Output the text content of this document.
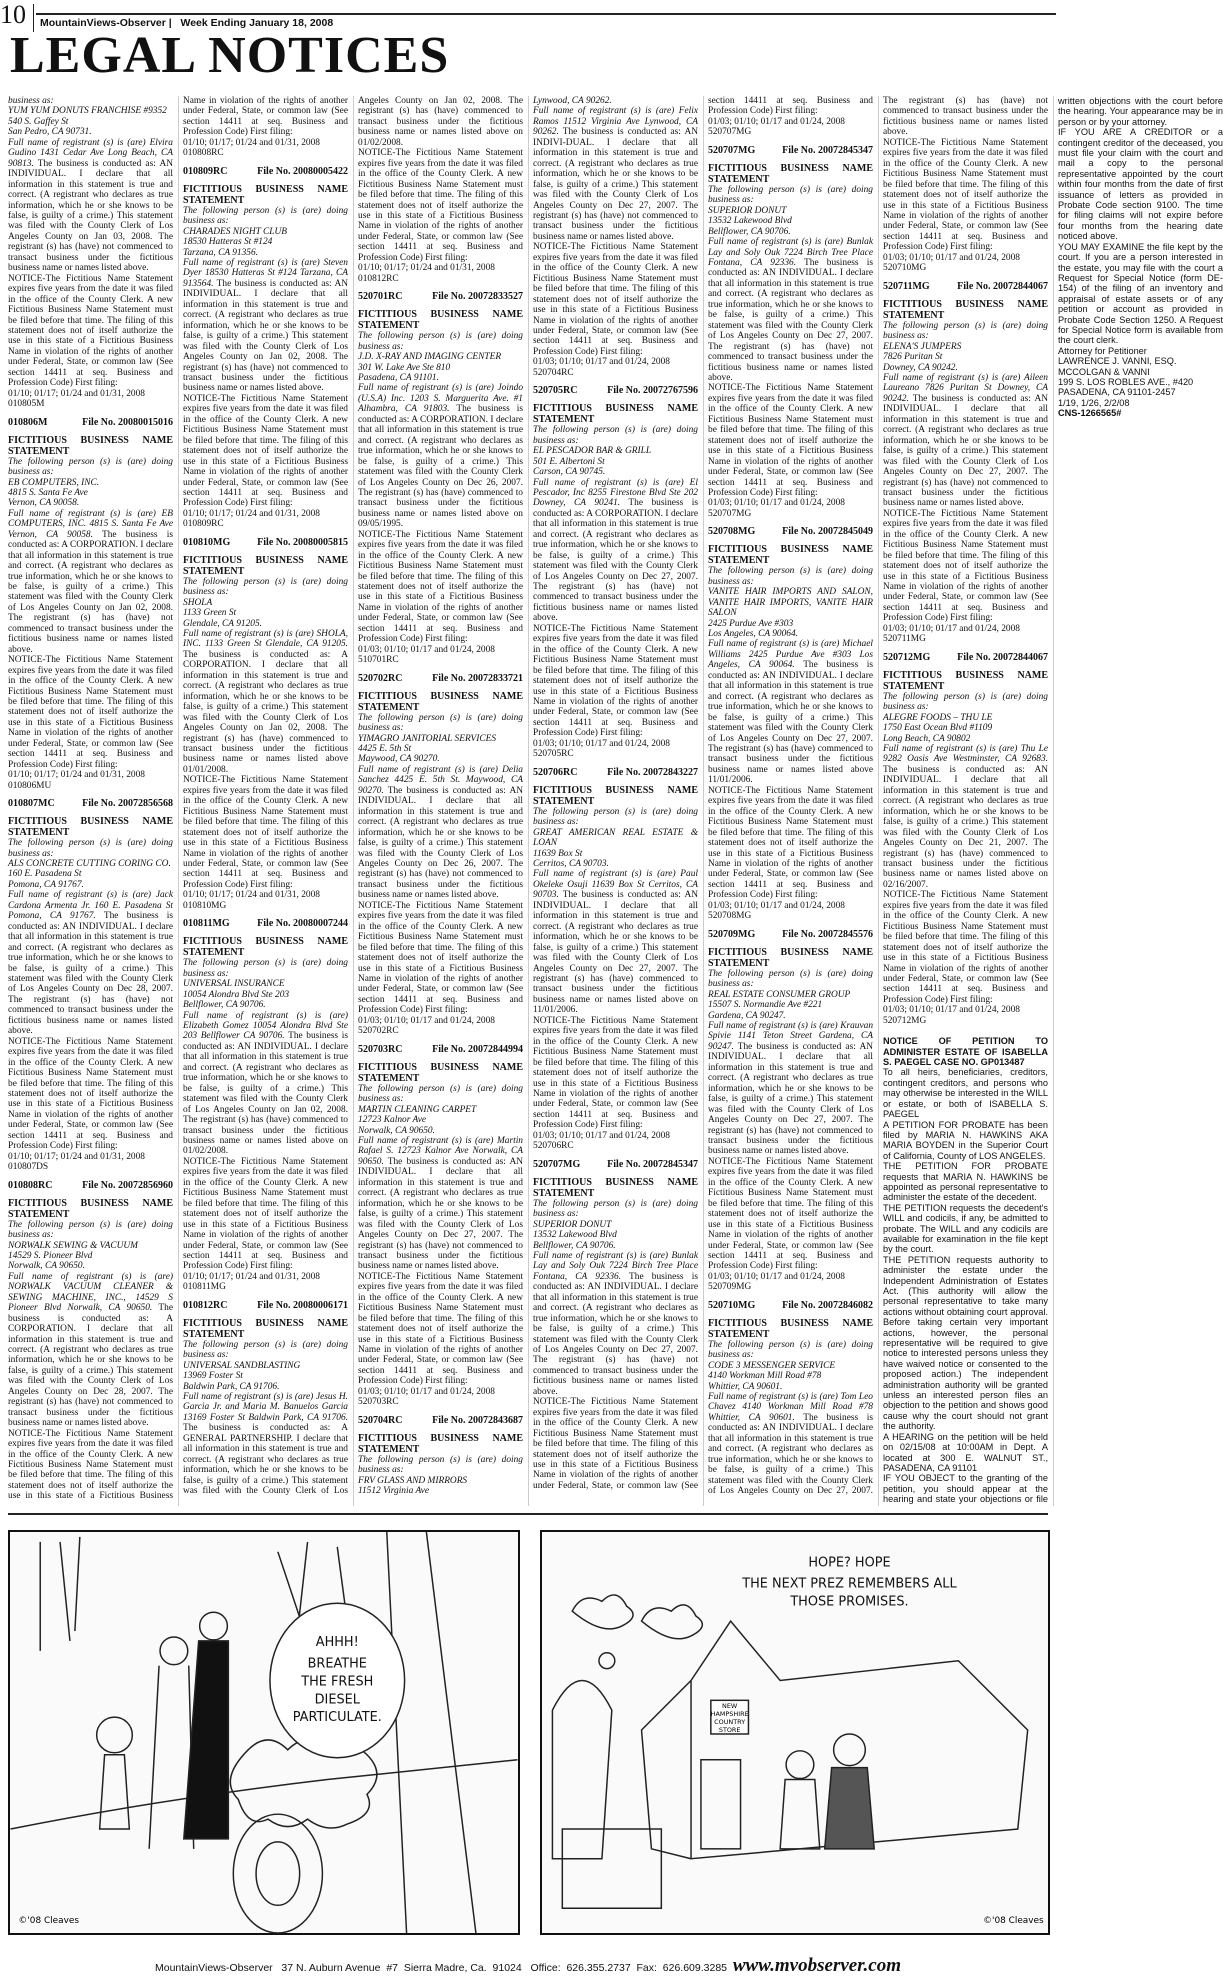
10 MountainViews-Observer | Week Ending January 18, 2008
LEGAL NOTICES

business as:

YUM YUM DONUTS FRANCHISE #9352

540 S. Gaffey St

San Pedro, CA 90731.

Full name of registrant (s) is (are) Elvira Gudino 1431 Cedar Ave Long Beach, CA 90813. The business is conducted as: AN INDIVIDUAL. I declare that all information in this statement is true and correct. (A registrant who declares as true information, which he or she knows to be false, is guilty of a crime.) This statement was filed with the County Clerk of Los Angeles County on Jan 03, 2008. The registrant (s) has (have) not commenced to transact business under the fictitious business name or names listed above.

NOTICE-The Fictitious Name Statement expires five years from the date it was filed in the office of the County Clerk. A new Fictitious Business Name Statement must be filed before that time. The filing of this statement does not of itself authorize the use in this state of a Fictitious Business Name in violation of the rights of another under Federal, State, or common law (See section 14411 at seq. Business and Profession Code) First filing:

01/10; 01/17; 01/24 and 01/31, 2008

010805M

010806M	File No. 20080015016

FICTITIOUS BUSINESS NAME STATEMENT

The following person (s) is (are) doing business as:

EB COMPUTERS, INC.

4815 S. Santa Fe Ave

Vernon, CA 90058.

Full name of registrant (s) is (are) EB COMPUTERS, INC. 4815 S. Santa Fe Ave Vernon, CA 90058. The business is conducted as: A CORPORATION. I declare that all information in this statement is true and correct. (A registrant who declares as true information, which he or she knows to be false, is guilty of a crime.) This statement was filed with the County Clerk of Los Angeles County on Jan 02, 2008. The registrant (s) has (have) not commenced to transact business under the fictitious business name or names listed above.

NOTICE-The Fictitious Name Statement expires five years from the date it was filed in the office of the County Clerk. A new Fictitious Business Name Statement must be filed before that time. The filing of this statement does not of itself authorize the use in this state of a Fictitious Business Name in violation of the rights of another under Federal, State, or common law (See section 14411 at seq. Business and Profession Code) First filing:

01/10; 01/17; 01/24 and 01/31, 2008

010806MU

010807MC	File No. 20072856568

FICTITIOUS BUSINESS NAME STATEMENT

The following person (s) is (are) doing business as:

ALS CONCRETE CUTTING CORING CO.

160 E. Pasadena St

Pomona, CA 91767.

Full name of registrant (s) is (are) Jack Cardona Armenta Jr. 160 E. Pasadena St Pomona, CA 91767. The business is conducted as: AN INDIVIDUAL. I declare that all information in this statement is true and correct. (A registrant who declares as true information, which he or she knows to be false, is guilty of a crime.) This statement was filed with the County Clerk of Los Angeles County on Dec 28, 2007. The registrant (s) has (have) not commenced to transact business under the fictitious business name or names listed above.

NOTICE-The Fictitious Name Statement expires five years from the date it was filed in the office of the County Clerk. A new Fictitious Business Name Statement must be filed before that time. The filing of this statement does not of itself authorize the use in this state of a Fictitious Business Name in violation of the rights of another under Federal, State, or common law (See section 14411 at seq. Business and Profession Code) First filing:

01/10; 01/17; 01/24 and 01/31, 2008

010807DS

010808RC	File No. 20072856960

FICTITIOUS BUSINESS NAME STATEMENT

The following person (s) is (are) doing business as:

NORWALK SEWING & VACUUM

14529 S. Pioneer Blvd

Norwalk, CA 90650.

Full name of registrant (s) is (are) NORWALK VACUUM CLEANER & SEWING MACHINE, INC., 14529 S Pioneer Blvd Norwalk, CA 90650. The business is conducted as: A CORPORATION. I declare that all information in this statement is true and correct. (A registrant who declares as true information, which he or she knows to be false, is guilty of a crime.) This statement was filed with the County Clerk of Los Angeles County on Dec 28, 2007. The registrant (s) has (have) not commenced to transact business under the fictitious business name or names listed above.

NOTICE-The Fictitious Name Statement expires five years from the date it was filed in the office of the County Clerk. A new Fictitious Business Name Statement must be filed before that time. The filing of this statement does not of itself authorize the use in this state of a Fictitious Business Name in violation of the rights of another under Federal, State, or common law (See section 14411 at seq. Business and Profession Code) First filing:

01/10; 01/17; 01/24 and 01/31, 2008

010808RC

010809RC	File No. 20080005422

FICTITIOUS BUSINESS NAME STATEMENT

The following person (s) is (are) doing business as:

CHARADES NIGHT CLUB

18530 Hatteras St #124

Tarzana, CA 91356.

Full name of registrant (s) is (are) Steven Dyer 18530 Hatteras St #124 Tarzana, CA 913564. The business is conducted as: AN INDIVIDUAL. I declare that all information in this statement is true and correct. (A registrant who declares as true information, which he or she knows to be false, is guilty of a crime.) This statement was filed with the County Clerk of Los Angeles County on Jan 02, 2008. The registrant (s) has (have) not commenced to transact business under the fictitious business name or names listed above.

NOTICE-The Fictitious Name Statement expires five years from the date it was filed in the office of the County Clerk. A new Fictitious Business Name Statement must be filed before that time. The filing of this statement does not of itself authorize the use in this state of a Fictitious Business Name in violation of the rights of another under Federal, State, or common law (See section 14411 at seq. Business and Profession Code) First filing:

01/10; 01/17; 01/24 and 01/31, 2008

010809RC

010810MG	File No. 20080005815

FICTITIOUS BUSINESS NAME STATEMENT

The following person (s) is (are) doing business as:

SHOLA

1133 Green St

Glendale, CA 91205.

Full name of registrant (s) is (are) SHOLA, INC. 1133 Green St Glendale, CA 91205. The business is conducted as: A CORPORATION. I declare that all information in this statement is true and correct. (A registrant who declares as true information, which he or she knows to be false, is guilty of a crime.) This statement was filed with the County Clerk of Los Angeles County on Jan 02, 2008. The registrant (s) has (have) commenced to transact business under the fictitious business name or names listed above 01/01/2008.

NOTICE-The Fictitious Name Statement expires five years from the date it was filed in the office of the County Clerk. A new Fictitious Business Name Statement must be filed before that time. The filing of this statement does not of itself authorize the use in this state of a Fictitious Business Name in violation of the rights of another under Federal, State, or common law (See section 14411 at seq. Business and Profession Code) First filing:

01/10; 01/17; 01/24 and 01/31, 2008

010810MG

010811MG	File No. 20080007244

FICTITIOUS BUSINESS NAME STATEMENT

The following person (s) is (are) doing business as:

UNIVERSAL INSURANCE

10054 Alondra Blvd Ste 203

Bellflower, CA 90706.

Full name of registrant (s) is (are) Elizabeth Gomez 10054 Alondra Blvd Ste 203 Bellflower CA 90706. The business is conducted as: AN INDIVIDUAL. I declare that all information in this statement is true and correct. (A registrant who declares as true information, which he or she knows to be false, is guilty of a crime.) This statement was filed with the County Clerk of Los Angeles County on Jan 02, 2008. The registrant (s) has (have) commenced to transact business under the fictitious business name or names listed above on 01/02/2008.

NOTICE-The Fictitious Name Statement expires five years from the date it was filed in the office of the County Clerk. A new Fictitious Business Name Statement must be filed before that time. The filing of this statement does not of itself authorize the use in this state of a Fictitious Business Name in violation of the rights of another under Federal, State, or common law (See section 14411 at seq. Business and Profession Code) First filing:

01/10; 01/17; 01/24 and 01/31, 2008

010811MG

010812RC	File No. 20080006171

FICTITIOUS BUSINESS NAME STATEMENT

The following person (s) is (are) doing business as:

UNIVERSAL SANDBLASTING

13969 Foster St

Baldwin Park, CA 91706.

Full name of registrant (s) is (are) Jesus H. Garcia Jr. and Maria M. Banuelos Garcia 13169 Foster St Baldwin Park, CA 91706. The business is conducted as: A GENERAL PARTNERSHIP. I declare that all information in this statement is true and correct. (A registrant who declares as true information, which he or she knows to be false, is guilty of a crime.) This statement was filed with the County Clerk of Los Angeles County on Jan 02, 2008. The registrant (s) has (have) commenced to transact business under the fictitious business name or names listed above on 01/02/2008.

NOTICE-The Fictitious Name Statement expires five years from the date it was filed in the office of the County Clerk. A new Fictitious Business Name Statement must be filed before that time. The filing of this statement does not of itself authorize the use in this state of a Fictitious Business Name in violation of the rights of another under Federal, State, or common law (See section 14411 at seq. Business and Profession Code) First filing:

01/10; 01/17; 01/24 and 01/31, 2008

010812RC

520701RC	File No. 20072833527

FICTITIOUS BUSINESS NAME STATEMENT

The following person (s) is (are) doing business as:

J.D. X-RAY AND IMAGING CENTER

301 W. Lake Ave Ste 810

Pasadena, CA 91101.

Full name of registrant (s) is (are) Joindo (U.S.A) Inc. 1203 S. Marguerita Ave. #1 Alhambra, CA 91803. The business is conducted as: A CORPORATION. I declare that all information in this statement is true and correct. (A registrant who declares as true information, which he or she knows to be false, is guilty of a crime.) This statement was filed with the County Clerk of Los Angeles County on Dec 26, 2007. The registrant (s) has (have) commenced to transact business under the fictitious business name or names listed above on 09/05/1995.

NOTICE-The Fictitious Name Statement expires five years from the date it was filed in the office of the County Clerk. A new Fictitious Business Name Statement must be filed before that time. The filing of this statement does not of itself authorize the use in this state of a Fictitious Business Name in violation of the rights of another under Federal, State, or common law (See section 14411 at seq. Business and Profession Code) First filing:

01/03; 01/10; 01/17 and 01/24, 2008

510701RC

520702RC	File No. 20072833721

FICTITIOUS BUSINESS NAME STATEMENT

The following person (s) is (are) doing business as:

YIMAGRO JANITORIAL SERVICES

4425 E. 5th St

Maywood, CA 90270.

Full name of registrant (s) is (are) Delia Sanchez 4425 E. 5th St. Maywood, CA 90270. The business is conducted as: AN INDIVIDUAL. I declare that all information in this statement is true and correct. (A registrant who declares as true information, which he or she knows to be false, is guilty of a crime.) This statement was filed with the County Clerk of Los Angeles County on Dec 26, 2007. The registrant (s) has (have) not commenced to transact business under the fictitious business name or names listed above.

NOTICE-The Fictitious Name Statement expires five years from the date it was filed in the office of the County Clerk. A new Fictitious Business Name Statement must be filed before that time. The filing of this statement does not of itself authorize the use in this state of a Fictitious Business Name in violation of the rights of another under Federal, State, or common law (See section 14411 at seq. Business and Profession Code) First filing:

01/03; 01/10; 01/17 and 01/24, 2008

520702RC

520703RC	File No. 20072844994

FICTITIOUS BUSINESS NAME STATEMENT

The following person (s) is (are) doing business as:

MARTIN CLEANING CARPET

12723 Kalnor Ave

Norwalk, CA 90650.

Full name of registrant (s) is (are) Martin Rafael S. 12723 Kalnor Ave Norwalk, CA 90650. The business is conducted as: AN INDIVIDUAL. I declare that all information in this statement is true and correct. (A registrant who declares as true information, which he or she knows to be false, is guilty of a crime.) This statement was filed with the County Clerk of Los Angeles County on Dec 27, 2007. The registrant (s) has (have) not commenced to transact business under the fictitious business name or names listed above.

NOTICE-The Fictitious Name Statement expires five years from the date it was filed in the office of the County Clerk. A new Fictitious Business Name Statement must be filed before that time. The filing of this statement does not of itself authorize the use in this state of a Fictitious Business Name in violation of the rights of another under Federal, State, or common law (See section 14411 at seq. Business and Profession Code) First filing:

01/03; 01/10; 01/17 and 01/24, 2008

520703RC

520704RC	File No. 20072843687

FICTITIOUS BUSINESS NAME STATEMENT

The following person (s) is (are) doing business as:

FRV GLASS AND MIRRORS

11512 Virginia Ave

Lynwood, CA 90262.

Full name of registrant (s) is (are) Felix Ramos 11512 Virginia Ave Lynwood, CA 90262. The business is conducted as: AN INDIVI-DUAL. I declare that all information in this statement is true and correct. (A registrant who declares as true information, which he or she knows to be false, is guilty of a crime.) This statement was filed with the County Clerk of Los Angeles County on Dec 27, 2007. The registrant (s) has (have) not commenced to transact business under the fictitious business name or names listed above.

NOTICE-The Fictitious Name Statement expires five years from the date it was filed in the office of the County Clerk. A new Fictitious Business Name Statement must be filed before that time. The filing of this statement does not of itself authorize the use in this state of a Fictitious Business Name in violation of the rights of another under Federal, State, or common law (See section 14411 at seq. Business and Profession Code) First filing:

01/03; 01/10; 01/17 and 01/24, 2008

520704RC

520705RC	File No. 20072767596

FICTITIOUS BUSINESS NAME STATEMENT

The following person (s) is (are) doing business as:

EL PESCADOR BAR & GRILL

501 E. Albertoni St

Carson, CA 90745.

Full name of registrant (s) is (are) El Pescador, Inc 8255 Firestone Blvd Ste 202 Downey, CA 90241. The business is conducted as: A CORPORATION. I declare that all information in this statement is true and correct. (A registrant who declares as true information, which he or she knows to be false, is guilty of a crime.) This statement was filed with the County Clerk of Los Angeles County on Dec 27, 2007. The registrant (s) has (have) not commenced to transact business under the fictitious business name or names listed above.

NOTICE-The Fictitious Name Statement expires five years from the date it was filed in the office of the County Clerk. A new Fictitious Business Name Statement must be filed before that time. The filing of this statement does not of itself authorize the use in this state of a Fictitious Business Name in violation of the rights of another under Federal, State, or common law (See section 14411 at seq. Business and Profession Code) First filing:

01/03; 01/10; 01/17 and 01/24, 2008

520705RC

520706RC	File No. 20072843227

FICTITIOUS BUSINESS NAME STATEMENT

The following person (s) is (are) doing business as:

GREAT AMERICAN REAL ESTATE & LOAN

11639 Box St

Cerritos, CA 90703.

Full name of registrant (s) is (are) Paul Okeleke Osuji 11639 Box St Cerritos, CA 90703. The business is conducted as: AN INDIVIDUAL. I declare that all information in this statement is true and correct. (A registrant who declares as true information, which he or she knows to be false, is guilty of a crime.) This statement was filed with the County Clerk of Los Angeles County on Dec 27, 2007. The registrant (s) has (have) commenced to transact business under the fictitious business name or names listed above on 11/01/2006.

NOTICE-The Fictitious Name Statement expires five years from the date it was filed in the office of the County Clerk. A new Fictitious Business Name Statement must be filed before that time. The filing of this statement does not of itself authorize the use in this state of a Fictitious Business Name in violation of the rights of another under Federal, State, or common law (See section 14411 at seq. Business and Profession Code) First filing:

01/03; 01/10; 01/17 and 01/24, 2008

520706RC

520707MG	File No. 20072845347

FICTITIOUS BUSINESS NAME STATEMENT

The following person (s) is (are) doing business as:

SUPERIOR DONUT

13532 Lakewood Blvd

Bellflower, CA 90706.

Full name of registrant (s) is (are) Bunlak Lay and Soly Ouk 7224 Birch Tree Place Fontana, CA 92336. The business is conducted as: AN INDIVIDUAL. I declare that all information in this statement is true and correct. (A registrant who declares as true information, which he or she knows to be false, is guilty of a crime.) This statement was filed with the County Clerk of Los Angeles County on Dec 27, 2007. The registrant (s) has (have) not commenced to transact business under the fictitious business name or names listed above.

NOTICE-The Fictitious Name Statement expires five years from the date it was filed in the office of the County Clerk. A new Fictitious Business Name Statement must be filed before that time. The filing of this statement does not of itself authorize the use in this state of a Fictitious Business Name in violation of the rights of another under Federal, State, or common law (See section 14411 at seq. Business and Profession Code) First filing:

01/03; 01/10; 01/17 and 01/24, 2008

520707MG

520707MG	File No. 20072845347

FICTITIOUS BUSINESS NAME STATEMENT

The following person (s) is (are) doing business as:

SUPERIOR DONUT

13532 Lakewood Blvd

Bellflower, CA 90706.

Full name of registrant (s) is (are) Bunlak Lay and Soly Ouk 7224 Birch Tree Place Fontana, CA 92336. The business is conducted as: AN INDIVIDUAL. I declare that all information in this statement is true and correct. (A registrant who declares as true information, which he or she knows to be false, is guilty of a crime.) This statement was filed with the County Clerk of Los Angeles County on Dec 27, 2007. The registrant (s) has (have) not commenced to transact business under the fictitious business name or names listed above.

NOTICE-The Fictitious Name Statement expires five years from the date it was filed in the office of the County Clerk. A new Fictitious Business Name Statement must be filed before that time. The filing of this statement does not of itself authorize the use in this state of a Fictitious Business Name in violation of the rights of another under Federal, State, or common law (See section 14411 at seq. Business and Profession Code) First filing:

01/03; 01/10; 01/17 and 01/24, 2008

520707MG

520708MG	File No. 20072845049

FICTITIOUS BUSINESS NAME STATEMENT

The following person (s) is (are) doing business as:

VANITE HAIR IMPORTS AND SALON, VANITE HAIR IMPORTS, VANITE HAIR SALON

2425 Purdue Ave #303

Los Angeles, CA 90064.

Full name of registrant (s) is (are) Michael Williams 2425 Purdue Ave #303 Los Angeles, CA 90064. The business is conducted as: AN INDIVIDUAL. I declare that all information in this statement is true and correct. (A registrant who declares as true information, which he or she knows to be false, is guilty of a crime.) This statement was filed with the County Clerk of Los Angeles County on Dec 27, 2007. The registrant (s) has (have) commenced to transact business under the fictitious business name or names listed above 11/01/2006.

NOTICE-The Fictitious Name Statement expires five years from the date it was filed in the office of the County Clerk. A new Fictitious Business Name Statement must be filed before that time. The filing of this statement does not of itself authorize the use in this state of a Fictitious Business Name in violation of the rights of another under Federal, State, or common law (See section 14411 at seq. Business and Profession Code) First filing:

01/03; 01/10; 01/17 and 01/24, 2008

520708MG

520709MG	File No. 20072845576

FICTITIOUS BUSINESS NAME STATEMENT

The following person (s) is (are) doing business as:

REAL ESTATE CONSUMER GROUP

15507 S. Normandie Ave #221

Gardena, CA 90247.

Full name of registrant (s) is (are) Krauvan Spivie 1141 Teton Street Gardena, CA 90247. The business is conducted as: AN INDIVIDUAL. I declare that all information in this statement is true and correct. (A registrant who declares as true information, which he or she knows to be false, is guilty of a crime.) This statement was filed with the County Clerk of Los Angeles County on Dec 27, 2007. The registrant (s) has (have) not commenced to transact business under the fictitious business name or names listed above.

NOTICE-The Fictitious Name Statement expires five years from the date it was filed in the office of the County Clerk. A new Fictitious Business Name Statement must be filed before that time. The filing of this statement does not of itself authorize the use in this state of a Fictitious Business Name in violation of the rights of another under Federal, State, or common law (See section 14411 at seq. Business and Profession Code) First filing:

01/03; 01/10; 01/17 and 01/24, 2008

520709MG

520710MG	File No. 20072846082

FICTITIOUS BUSINESS NAME STATEMENT

The following person (s) is (are) doing business as:

CODE 3 MESSENGER SERVICE

4140 Workman Mill Road #78

Whittier, CA 90601.

Full name of registrant (s) is (are) Tom Leo Chavez 4140 Workman Mill Road #78 Whittier, CA 90601. The business is conducted as: AN INDIVIDUAL. I declare that all information in this statement is true and correct. (A registrant who declares as true information, which he or she knows to be false, is guilty of a crime.) This statement was filed with the County Clerk of Los Angeles County on Dec 27, 2007. The registrant (s) has (have) not commenced to transact business under the fictitious business name or names listed above.

NOTICE-The Fictitious Name Statement expires five years from the date it was filed in the office of the County Clerk. A new Fictitious Business Name Statement must be filed before that time. The filing of this statement does not of itself authorize the use in this state of a Fictitious Business Name in violation of the rights of another under Federal, State, or common law (See section 14411 at seq. Business and Profession Code) First filing:

01/03; 01/10; 01/17 and 01/24, 2008

520710MG

520711MG	File No. 20072844067

FICTITIOUS BUSINESS NAME STATEMENT

The following person (s) is (are) doing business as:

ELENA'S JUMPERS

7826 Puritan St

Downey, CA 90242.

Full name of registrant (s) is (are) Aileen Laureano 7826 Puritan St Downey, CA 90242. The business is conducted as: AN INDIVIDUAL. I declare that all information in this statement is true and correct. (A registrant who declares as true information, which he or she knows to be false, is guilty of a crime.) This statement was filed with the County Clerk of Los Angeles County on Dec 27, 2007. The registrant (s) has (have) not commenced to transact business under the fictitious business name or names listed above.

NOTICE-The Fictitious Name Statement expires five years from the date it was filed in the office of the County Clerk. A new Fictitious Business Name Statement must be filed before that time. The filing of this statement does not of itself authorize the use in this state of a Fictitious Business Name in violation of the rights of another under Federal, State, or common law (See section 14411 at seq. Business and Profession Code) First filing:

01/03; 01/10; 01/17 and 01/24, 2008

520711MG

520712MG	File No. 20072844067

FICTITIOUS BUSINESS NAME STATEMENT

The following person (s) is (are) doing business as:

ALEGRE FOODS – THU LE

1750 East Ocean Blvd #1109

Long Beach, CA 90802

Full name of registrant (s) is (are) Thu Le 9282 Oasis Ave Westminster, CA 92683. The business is conducted as: AN INDIVIDUAL. I declare that all information in this statement is true and correct. (A registrant who declares as true information, which he or she knows to be false, is guilty of a crime.) This statement was filed with the County Clerk of Los Angeles County on Dec 21, 2007. The registrant (s) has (have) commenced to transact business under the fictitious business name or names listed above on 02/16/2007.

NOTICE-The Fictitious Name Statement expires five years from the date it was filed in the office of the County Clerk. A new Fictitious Business Name Statement must be filed before that time. The filing of this statement does not of itself authorize the use in this state of a Fictitious Business Name in violation of the rights of another under Federal, State, or common law (See section 14411 at seq. Business and Profession Code) First filing:

01/03; 01/10; 01/17 and 01/24, 2008

520712MG

NOTICE OF PETITION TO ADMINISTER ESTATE OF ISABELLA S. PAEGEL CASE NO. GP013487

To all heirs, beneficiaries, creditors, contingent creditors, and persons who may otherwise be interested in the WILL or estate, or both of ISABELLA S. PAEGEL

A PETITION FOR PROBATE has been filed by MARIA N. HAWKINS AKA MARIA BOYDEN in the Superior Court of California, County of LOS ANGELES.

THE PETITION FOR PROBATE requests that MARIA N. HAWKINS be appointed as personal representative to administer the estate of the decedent.

THE PETITION requests the decedent's WILL and codicils, if any, be admitted to probate. The WILL and any codicils are available for examination in the file kept by the court.

THE PETITION requests authority to administer the estate under the Independent Administration of Estates Act. (This authority will allow the personal representative to take many actions without obtaining court approval. Before taking certain very important actions, however, the personal representative will be required to give notice to interested persons unless they have waived notice or consented to the proposed action.) The independent administration authority will be granted unless an interested person files an objection to the petition and shows good cause why the court should not grant the authority.

A HEARING on the petition will be held on 02/15/08 at 10:00AM in Dept. A located at 300 E. WALNUT ST., PASADENA, CA 91101

IF YOU OBJECT to the granting of the petition, you should appear at the hearing and state your objections or file written objections with the court before the hearing. Your appearance may be in person or by your attorney.

IF YOU ARE A CREDITOR or a contingent creditor of the deceased, you must file your claim with the court and mail a copy to the personal representative appointed by the court within four months from the date of first issuance of letters as provided in Probate Code section 9100. The time for filing claims will not expire before four months from the hearing date noticed above.

YOU MAY EXAMINE the file kept by the court. If you are a person interested in the estate, you may file with the court a Request for Special Notice (form DE-154) of the filing of an inventory and appraisal of estate assets or of any petition or account as provided in Probate Code Section 1250. A Request for Special Notice form is available from the court clerk.

Attorney for Petitioner

LAWRENCE J. VANNI, ESQ.

MCCOLGAN & VANNI

199 S. LOS ROBLES AVE., #420

PASADENA, CA 91101-2457

1/19, 1/26, 2/2/08

CNS-1266565#

AHHH!
BREATHE
THE FRESH
DIESEL
PARTICULATE.
©'08 Cleaves
HOPE? HOPE
THE NEXT PREZ REMEMBERS ALL
THOSE PROMISES.
NEW
HAMPSHIRE
COUNTRY
STORE
©'08 Cleaves
MountainViews-Observer   37 N. Auburn Avenue  #7  Sierra Madre, Ca.  91024   Office:  626.355.2737  Fax:  626.609.3285  www.mvobserver.com
